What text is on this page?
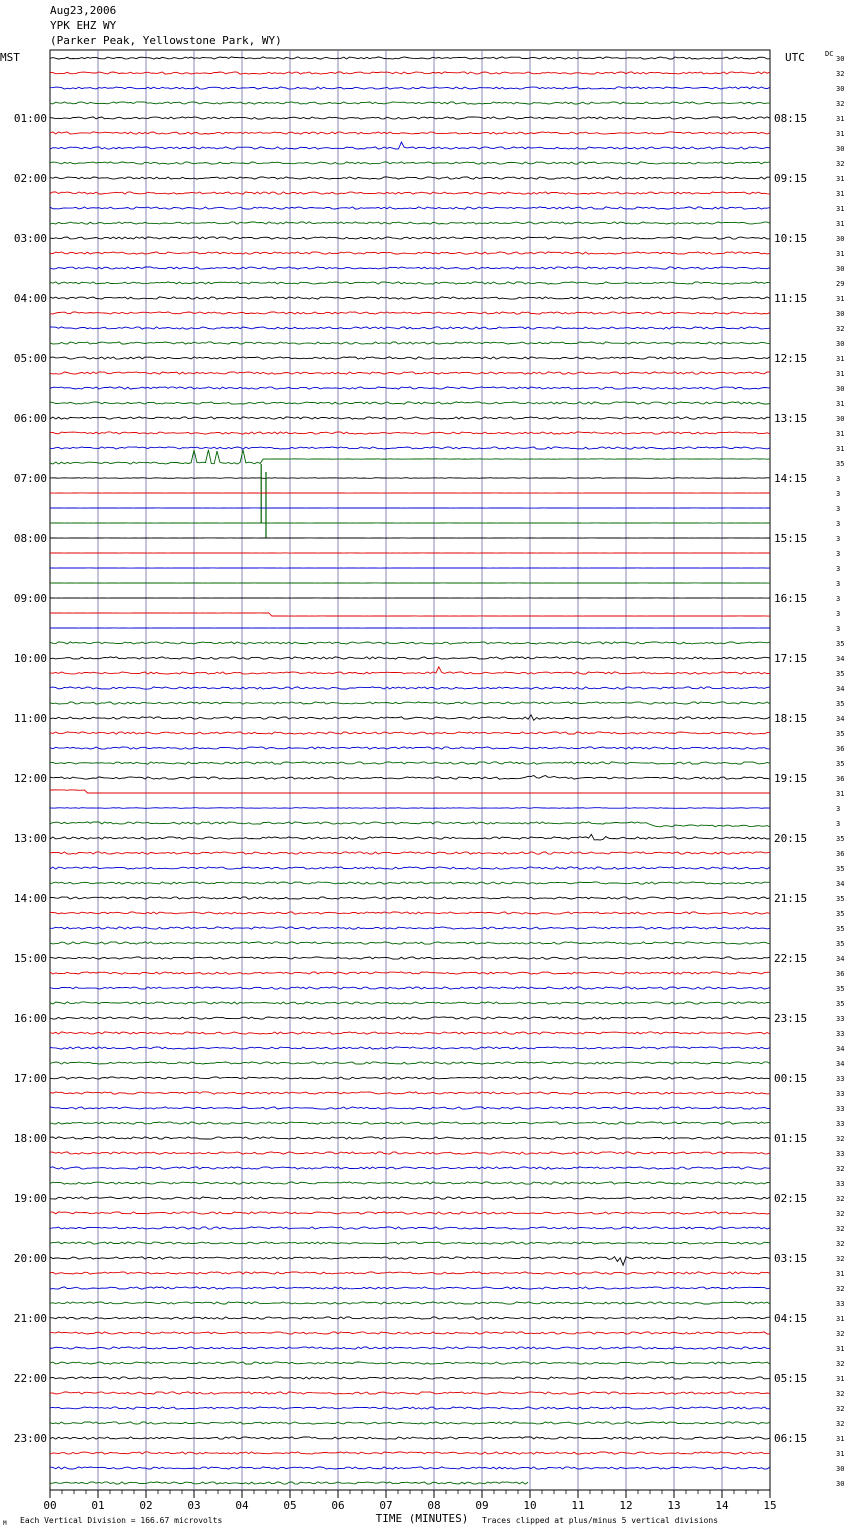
Aug23,2006
YPK EHZ WY
(Parker Peak, Yellowstone Park, WY)
MST	UTC	DC
01:00
02:00
03:00
04:00
05:00
06:00
07:00
08:00
09:00
10:00
11:00
12:00
13:00
14:00
15:00
16:00
17:00
18:00
19:00
20:00
21:00
22:00
23:00
08:15
09:15
10:15
11:15
12:15
13:15
14:15
15:15
16:15
17:15
18:15
19:15
20:15
21:15
22:15
23:15
00:15
01:15
02:15
03:15
04:15
05:15
06:15
30
32
30
32
31
31
30
32
31
31
31
31
30
31
30
29
31
30
32
30
31
31
30
31
30
31
31
35
3
3
3
3
3
3
3
3
3
3
3
35
34
35
34
35
34
35
36
35
36
31
3
3
35
36
35
34
35
35
35
35
34
36
35
35
33
33
34
34
33
33
33
33
32
33
32
33
32
32
32
32
32
31
32
33
31
32
31
32
31
32
32
32
31
31
30
30
00	01	02	03	04	05	06	07	08	09	10	11	12	13	14	15
M Each Vertical Division = 166.67 microvolts	TIME (MINUTES) Traces clipped at plus/minus 5 vertical divisions
